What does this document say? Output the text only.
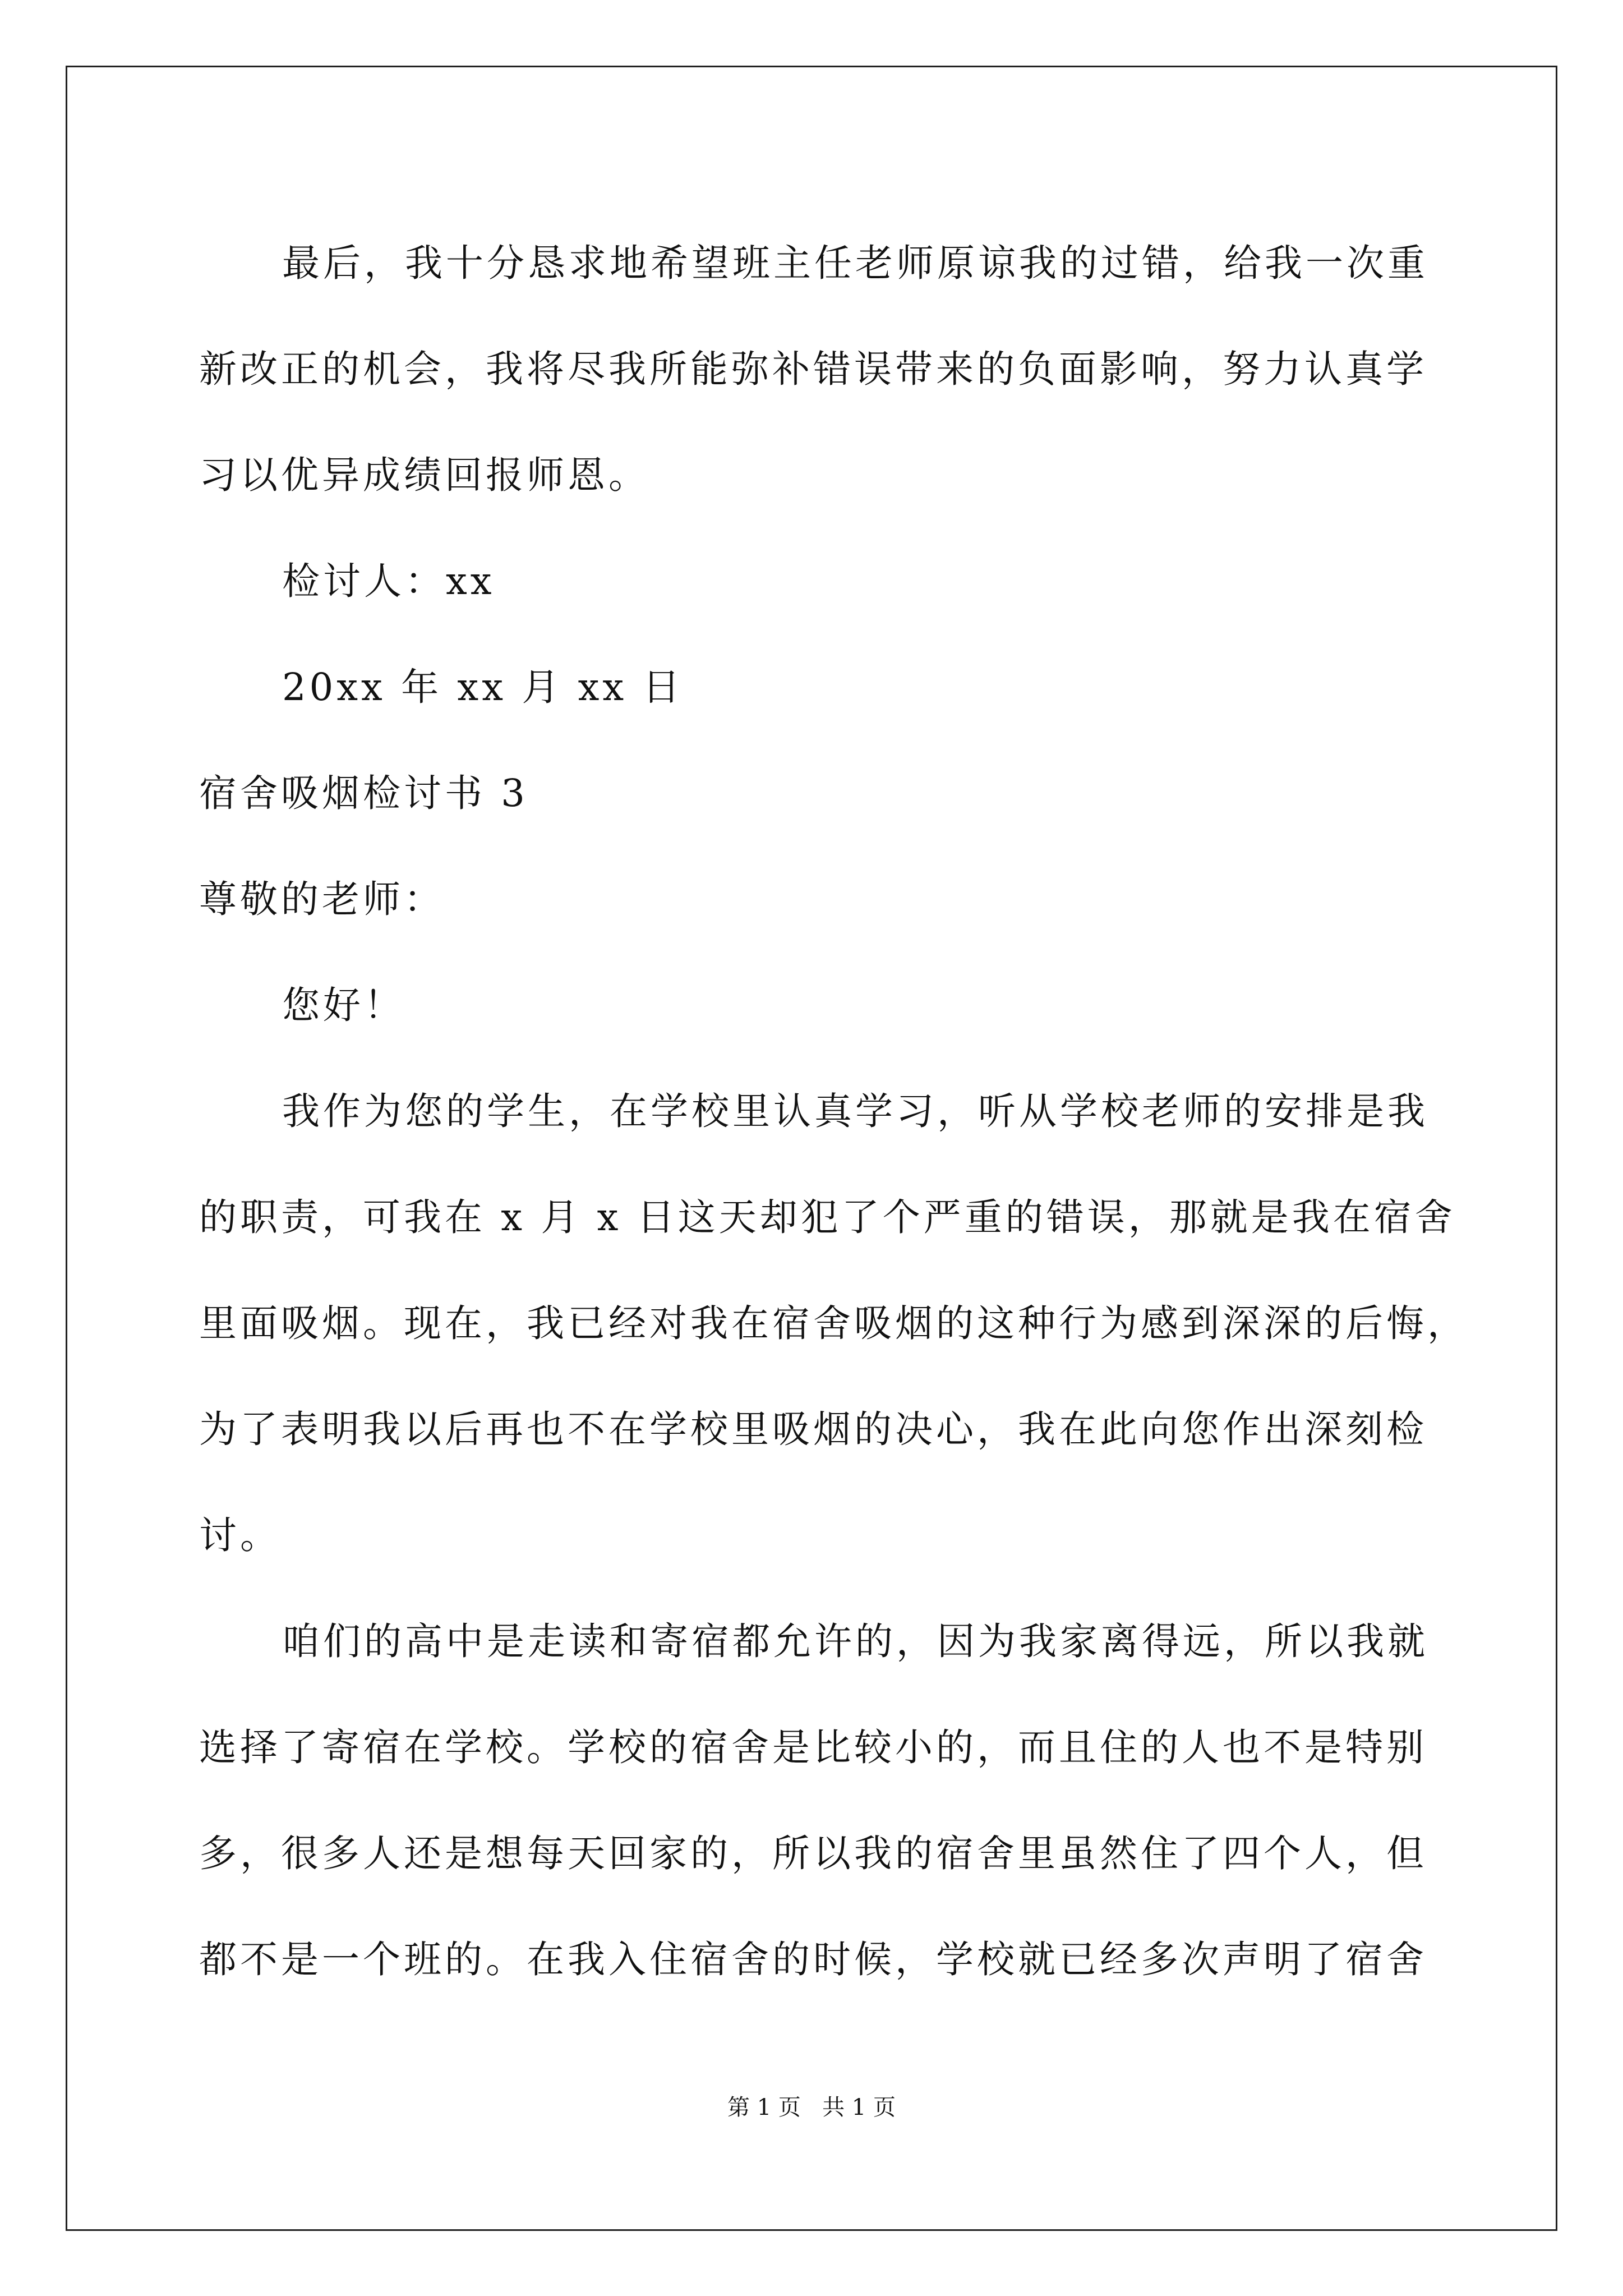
最后，我十分恳求地希望班主任老师原谅我的过错，给我一次重
新改正的机会，我将尽我所能弥补错误带来的负面影响，努力认真学
习以优异成绩回报师恩。
检讨人：xx
20xx 年 xx 月 xx 日
宿舍吸烟检讨书 3
尊敬的老师：
您好！
我作为您的学生，在学校里认真学习，听从学校老师的安排是我
的职责，可我在 x 月 x 日这天却犯了个严重的错误，那就是我在宿舍
里面吸烟。现在，我已经对我在宿舍吸烟的这种行为感到深深的后悔，
为了表明我以后再也不在学校里吸烟的决心，我在此向您作出深刻检
讨。
咱们的高中是走读和寄宿都允许的，因为我家离得远，所以我就
选择了寄宿在学校。学校的宿舍是比较小的，而且住的人也不是特别
多，很多人还是想每天回家的，所以我的宿舍里虽然住了四个人，但
都不是一个班的。在我入住宿舍的时候，学校就已经多次声明了宿舍
第 1 页   共 1 页
